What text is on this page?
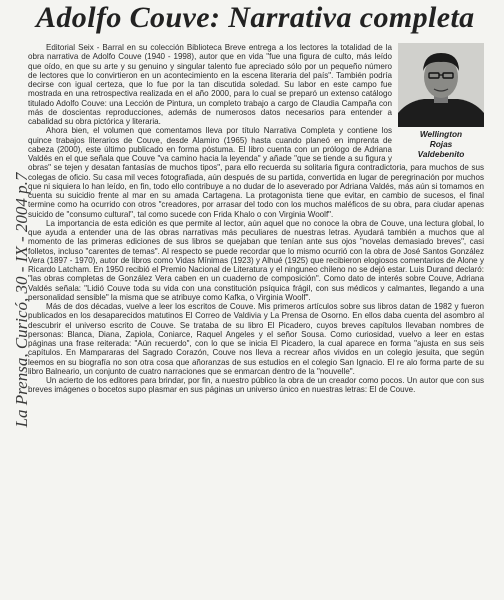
Adolfo Couve: Narrativa completa
La Prensa, Curicó, 30 - IX - 2004 p.7
Wellington
Rojas
Valdebenito

Editorial Seix - Barral en su colección Biblioteca Breve entrega a los lectores la totalidad de la obra narrativa de Adolfo Couve (1940 - 1998), autor que en vida "fue una figura de culto, más leído que oído, en que su arte y su genuino y singular talento fue apreciado sólo por un pequeño número de lectores que lo convirtieron en un acontecimiento en la escena literaria del país". También podría decirse con igual certeza, que lo fue por la tan discutida soledad. Su labor en este campo fue mostrada en una retrospectiva realizada en el año 2000, para lo cual se preparó un extenso catálogo titulado Adolfo Couve: una Lección de Pintura, un completo trabajo a cargo de Claudia Campaña con más de doscientas reproducciones, además de numerosos datos necesarios para entender a cabalidad su obra pictórica y literaria.

Ahora bien, el volumen que comentamos lleva por título Narrativa Completa y contiene los quince trabajos literarios de Couve, desde Alamiro (1965) hasta cuando planeó en imprenta de cabeza (2000), este último publicado en forma póstuma. El libro cuenta con un prólogo de Adriana Valdés en el que señala que Couve "va camino hacia la leyenda" y añade "que se tiende a su figura y obras" se tejen y desatan fantasías de muchos tipos", para ello recuerda su solitaria figura contradictoria, para muchos de sus colegas de oficio. Su casa mil veces fotografiada, aún después de su partida, convertida en lugar de peregrinación por muchos que ni siquiera lo han leído, en fin, todo ello contribuye a no dudar de lo aseverado por Adriana Valdés, más aún si tomamos en cuenta su suicidio frente al mar en su amada Cartagena. La protagonista tiene que evitar, en cambio de sucesos, el final termine como ha ocurrido con otros "creadores, por arrasar del todo con los muchos maléficos de su obra, para ciudar apenas suicido de "consumo cultural", tal como sucede con Frida Khalo o con Virginia Woolf".

La importancia de esta edición es que permite al lector, aún aquel que no conoce la obra de Couve, una lectura global, lo que ayuda a entender una de las obras narrativas más peculiares de nuestras letras. Ayudará también a muchos que al momento de las primeras ediciones de sus libros se quejaban que tenían ante sus ojos "novelas demasiado breves", casi folletos, incluso "carentes de temas". Al respecto se puede recordar que lo mismo ocurrió con la obra de José Santos González Vera (1897 - 1970), autor de libros como Vidas Mínimas (1923) y Alhué (1925) que recibieron elogiosos comentarios de Alone y Ricardo Latcham. En 1950 recibió el Premio Nacional de Literatura y el ninguneo chileno no se dejó estar. Luis Durand declaró: "las obras completas de González Vera caben en un cuaderno de composición". Como dato de interés sobre Couve, Adriana Valdés señala: "Lidió Couve toda su vida con una constitución psíquica frágil, con sus médicos y calmantes, llegando a una personalidad sensible" la misma que se atribuye como Kafka, o Virginia Woolf".

Más de dos décadas, vuelve a leer los escritos de Couve. Mis primeros artículos sobre sus libros datan de 1982 y fueron publicados en los desaparecidos matutinos El Correo de Valdivia y La Prensa de Osorno. En ellos daba cuenta del asombro al descubrir el universo escrito de Couve. Se trataba de su libro El Picadero, cuyos breves capítulos llevaban nombres de personas: Blanca, Diana, Zapiola, Coniarce, Raquel Angeles y el señor Sousa. Como curiosidad, vuelvo a leer en estas páginas una frase reiterada: "Aún recuerdo", con lo que se inicia El Picadero, la cual aparece en forma "ajusta en sus seis capítulos. En Mampararas del Sagrado Corazón, Couve nos lleva a recrear años vividos en un colegio jesuita, que según leemos en su biografía no son otra cosa que añoranzas de sus estudios en el colegio San Ignacio. El re alo forma parte de su libro Balneario, un conjunto de cuatro narraciones que se enmarcan dentro de la "nouvelle".

Un acierto de los editores para brindar, por fin, a nuestro público la obra de un creador como pocos. Un autor que con sus breves imágenes o bocetos supo plasmar en sus páginas un universo único en nuestras letras: El de Couve.
